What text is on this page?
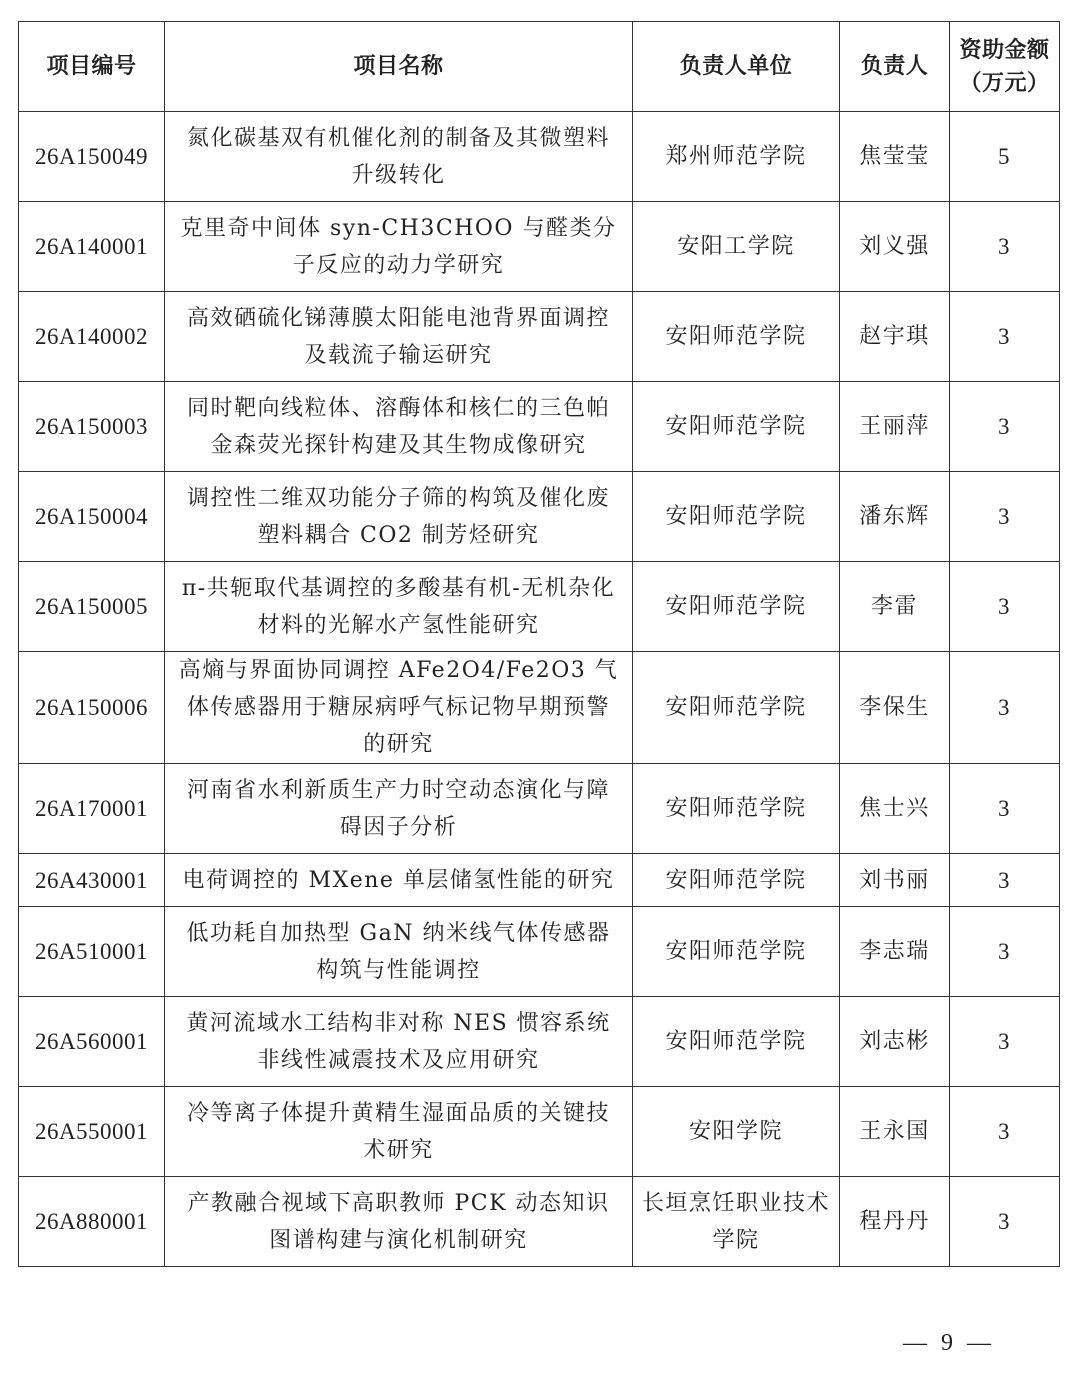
项目编号	项目名称	负责人单位	负责人	资助金额
（万元）

26A150049	氮化碳基双有机催化剂的制备及其微塑料升级转化	郑州师范学院	焦莹莹	5
26A140001	克里奇中间体 syn-CH3CHOO 与醛类分子反应的动力学研究	安阳工学院	刘义强	3
26A140002	高效硒硫化锑薄膜太阳能电池背界面调控及载流子输运研究	安阳师范学院	赵宇琪	3
26A150003	同时靶向线粒体、溶酶体和核仁的三色帕金森荧光探针构建及其生物成像研究	安阳师范学院	王丽萍	3
26A150004	调控性二维双功能分子筛的构筑及催化废塑料耦合 CO2 制芳烃研究	安阳师范学院	潘东辉	3
26A150005	π-共轭取代基调控的多酸基有机-无机杂化材料的光解水产氢性能研究	安阳师范学院	李雷	3
26A150006	高熵与界面协同调控 AFe2O4/Fe2O3 气体传感器用于糖尿病呼气标记物早期预警的研究	安阳师范学院	李保生	3
26A170001	河南省水利新质生产力时空动态演化与障碍因子分析	安阳师范学院	焦士兴	3
26A430001	电荷调控的 MXene 单层储氢性能的研究	安阳师范学院	刘书丽	3
26A510001	低功耗自加热型 GaN 纳米线气体传感器构筑与性能调控	安阳师范学院	李志瑞	3
26A560001	黄河流域水工结构非对称 NES 惯容系统非线性减震技术及应用研究	安阳师范学院	刘志彬	3
26A550001	冷等离子体提升黄精生湿面品质的关键技术研究	安阳学院	王永国	3
26A880001	产教融合视域下高职教师 PCK 动态知识图谱构建与演化机制研究	长垣烹饪职业技术学院	程丹丹	3
— 9 —
